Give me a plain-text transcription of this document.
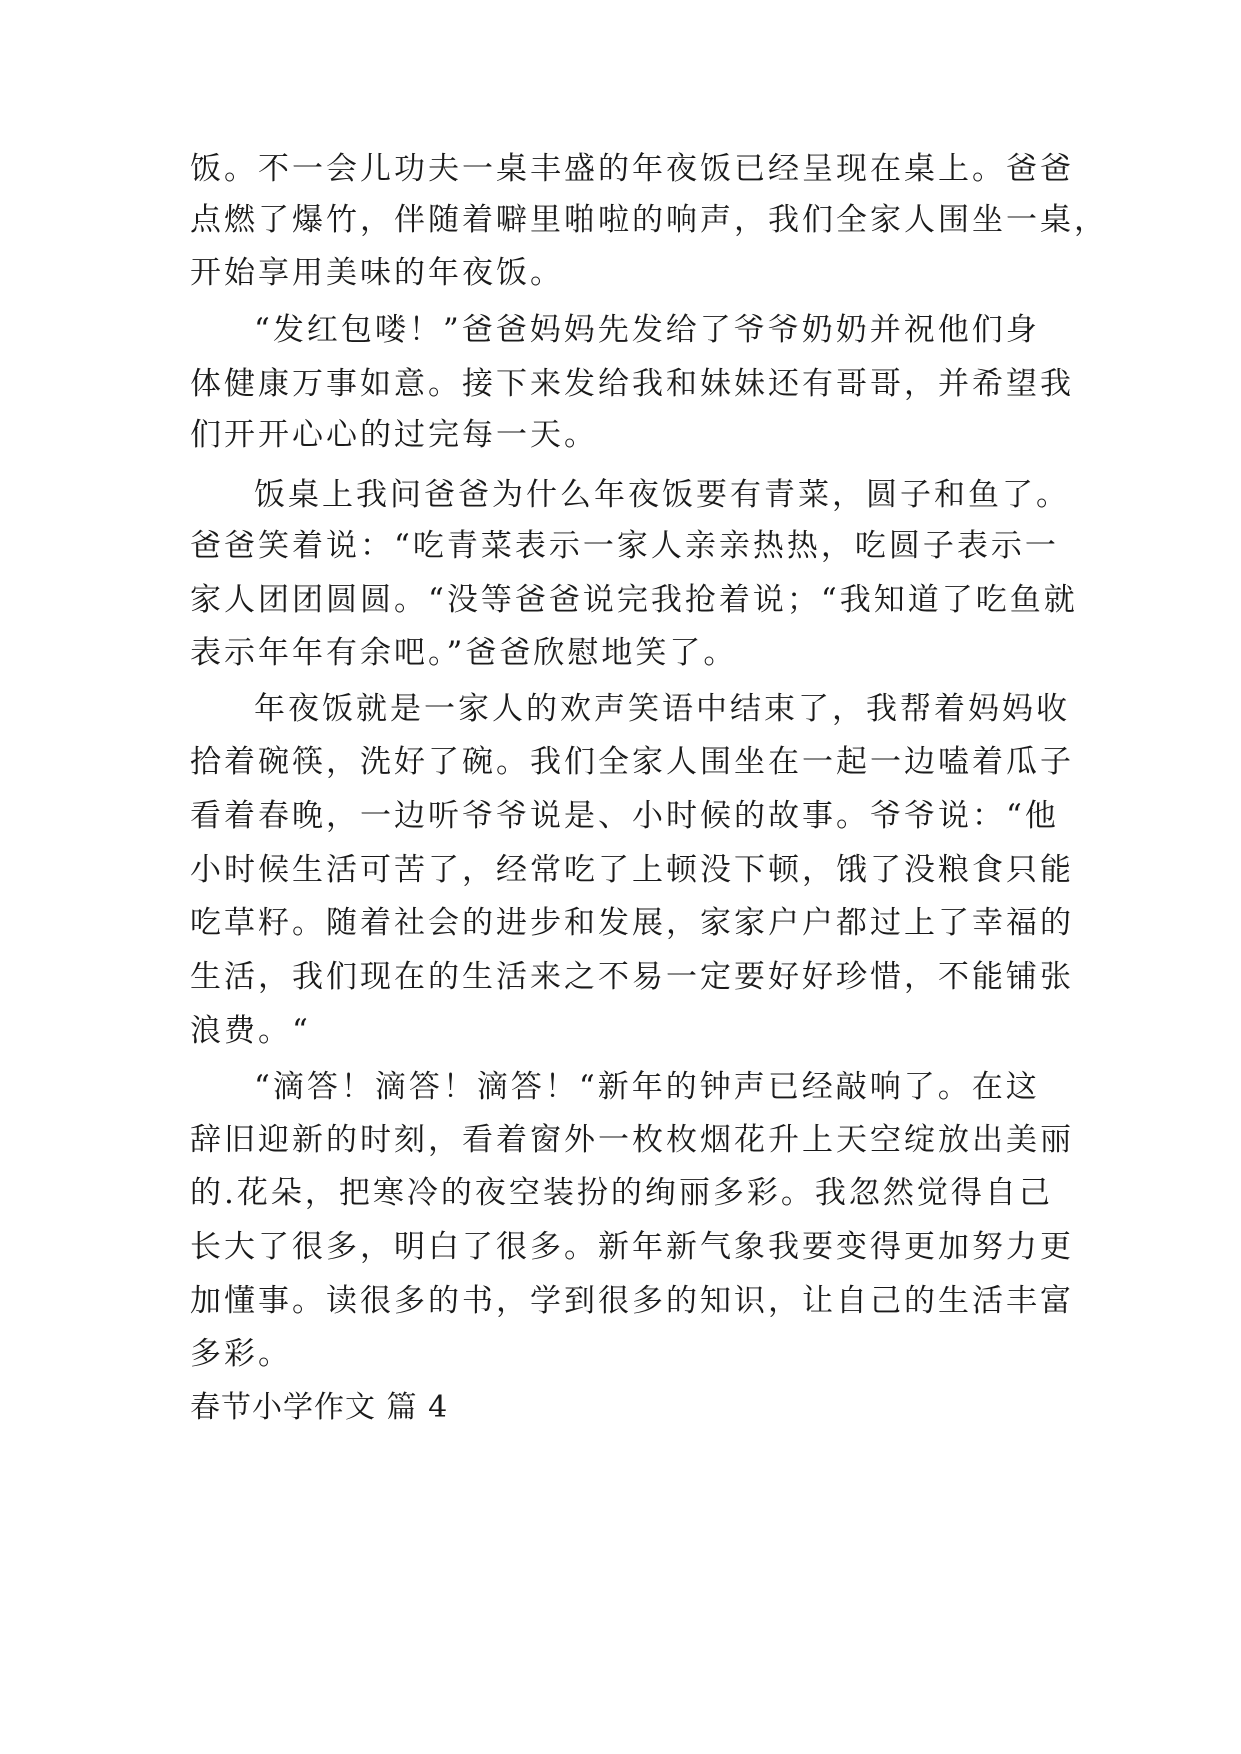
饭。不一会儿功夫一桌丰盛的年夜饭已经呈现在桌上。爸爸
点燃了爆竹，伴随着噼里啪啦的响声，我们全家人围坐一桌，
开始享用美味的年夜饭。
“发红包喽！”爸爸妈妈先发给了爷爷奶奶并祝他们身
体健康万事如意。接下来发给我和妹妹还有哥哥，并希望我
们开开心心的过完每一天。
饭桌上我问爸爸为什么年夜饭要有青菜，圆子和鱼了。
爸爸笑着说：“吃青菜表示一家人亲亲热热，吃圆子表示一
家人团团圆圆。“没等爸爸说完我抢着说；“我知道了吃鱼就
表示年年有余吧。”爸爸欣慰地笑了。
年夜饭就是一家人的欢声笑语中结束了，我帮着妈妈收
拾着碗筷，洗好了碗。我们全家人围坐在一起一边嗑着瓜子
看着春晚，一边听爷爷说是、小时候的故事。爷爷说：“他
小时候生活可苦了，经常吃了上顿没下顿，饿了没粮食只能
吃草籽。随着社会的进步和发展，家家户户都过上了幸福的
生活，我们现在的生活来之不易一定要好好珍惜，不能铺张
浪费。“
“滴答！滴答！滴答！“新年的钟声已经敲响了。在这
辞旧迎新的时刻，看着窗外一枚枚烟花升上天空绽放出美丽
的.花朵，把寒冷的夜空装扮的绚丽多彩。我忽然觉得自己
长大了很多，明白了很多。新年新气象我要变得更加努力更
加懂事。读很多的书，学到很多的知识，让自己的生活丰富
多彩。
春节小学作文 篇 4
